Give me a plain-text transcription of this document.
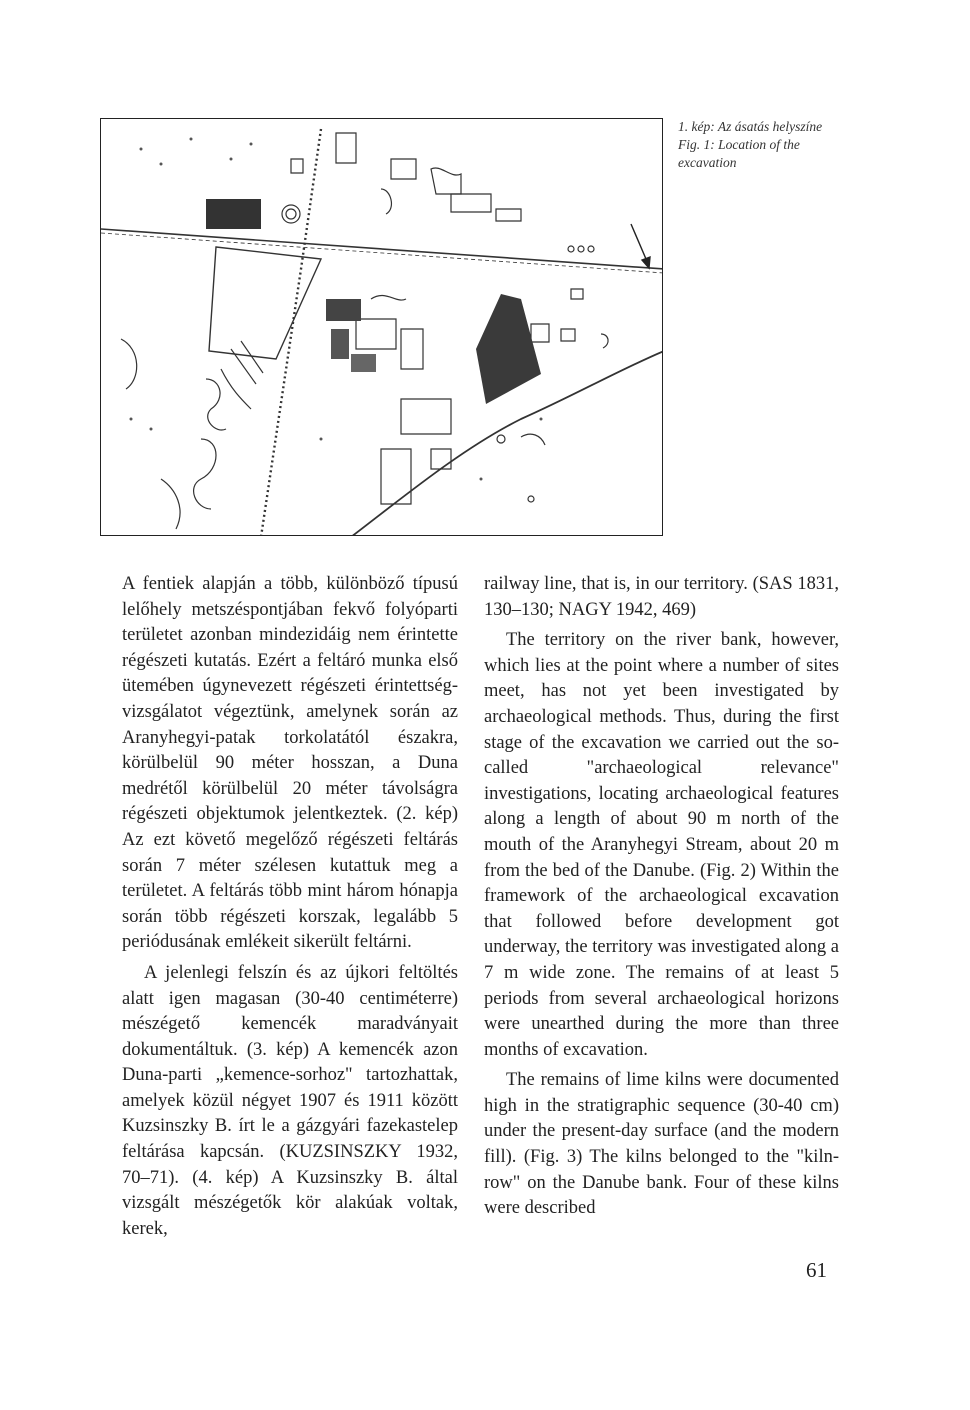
1. kép: Az ásatás helyszíne
Fig. 1: Location of the excavation

A fentiek alapján a több, különböző típusú lelőhely metszéspontjában fekvő folyóparti területet azonban mindezidáig nem érintette régészeti kutatás. Ezért a feltáró munka első ütemében úgynevezett régészeti érintettség-vizsgálatot végeztünk, amelynek során az Aranyhegyi-patak torkolatától északra, körülbelül 90 méter hosszan, a Duna medrétől körülbelül 20 méter távolságra régészeti objektumok jelentkeztek. (2. kép) Az ezt követő megelőző régészeti feltárás során 7 méter szélesen kutattuk meg a területet. A feltárás több mint három hónapja során több régészeti korszak, legalább 5 periódusának emlékeit sikerült feltárni.

A jelenlegi felszín és az újkori feltöltés alatt igen magasan (30-40 centiméterre) mészégető kemencék maradványait dokumentáltuk. (3. kép) A kemencék azon Duna-parti „kemence-sorhoz" tartozhattak, amelyek közül négyet 1907 és 1911 között Kuzsinszky B. írt le a gázgyári fazekastelep feltárása kapcsán. (KUZSINSZKY 1932, 70–71). (4. kép) A Kuzsinszky B. által vizsgált mészégetők kör alakúak voltak, kerek,

railway line, that is, in our territory. (SAS 1831, 130–130; NAGY 1942, 469)

The territory on the river bank, however, which lies at the point where a number of sites meet, has not yet been investigated by archaeological methods. Thus, during the first stage of the excavation we carried out the so-called "archaeological relevance" investigations, locating archaeological features along a length of about 90 m north of the mouth of the Aranyhegyi Stream, about 20 m from the bed of the Danube. (Fig. 2) Within the framework of the archaeological excavation that followed before development got underway, the territory was investigated along a 7 m wide zone. The remains of at least 5 periods from several archaeological horizons were unearthed during the more than three months of excavation.

The remains of lime kilns were documented high in the stratigraphic sequence (30-40 cm) under the present-day surface (and the modern fill). (Fig. 3) The kilns belonged to the "kiln-row" on the Danube bank. Four of these kilns were described

61
